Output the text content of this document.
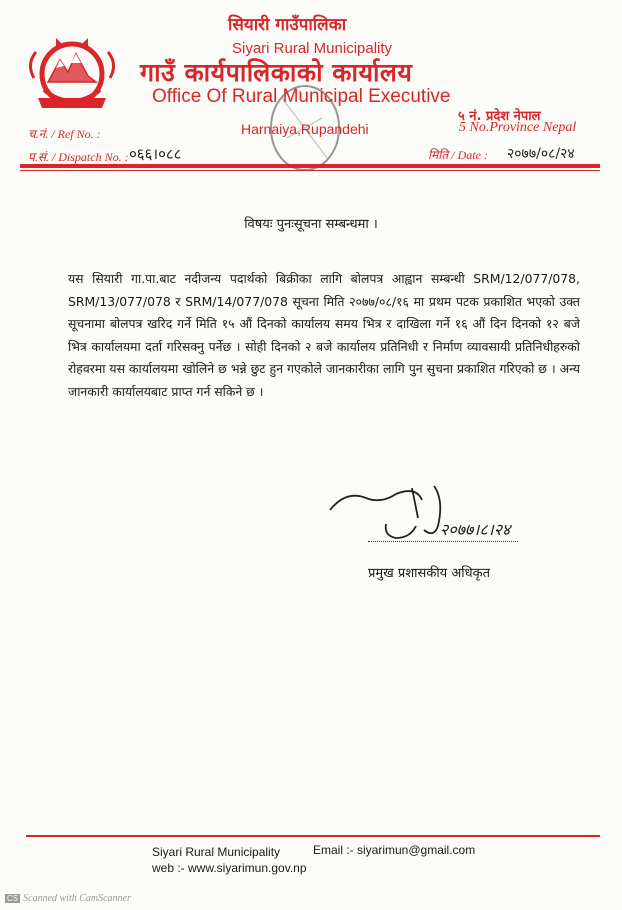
सियारी गाउँपालिका
Siyari Rural Municipality
गाउँ कार्यपालिकाको कार्यालय
Office Of Rural Municipal Executive
५ नं. प्रदेश नेपाल
5 No.Province Nepal
Harnaiya,Rupandehi
च.नं. / Ref No. :
प.सं. / Dispatch No. : ०६६।०८८	मिति / Date : २०७७/०८/२४
विषयः पुनःसूचना सम्बन्धमा ।
यस सियारी गा.पा.बाट नदीजन्य पदार्थको बिक्रीका लागि बोलपत्र आह्वान सम्बन्धी SRM/12/077/078, SRM/13/077/078 र SRM/14/077/078 सूचना मिति २०७७/०८/१६ मा प्रथम पटक प्रकाशित भएको उक्त सूचनामा बोलपत्र खरिद गर्ने मिति १५ औं दिनको कार्यालय समय भित्र र दाखिला गर्ने १६ औं दिन दिनको १२ बजे भित्र कार्यालयमा दर्ता गरिसक्नु पर्नेछ । सोही दिनको २ बजे कार्यालय प्रतिनिधी र निर्माण व्यावसायी प्रतिनिधीहरुको रोहवरमा यस कार्यालयमा खोलिने छ भन्ने छुट हुन गएकोले जानकारीका लागि पुन सुचना प्रकाशित गरिएको छ । अन्य जानकारी कार्यालयबाट प्राप्त गर्न सकिने छ ।
२०७७।८।२४
प्रमुख प्रशासकीय अधिकृत
Siyari Rural Municipality	Email :- siyarimun@gmail.com
web :- www.siyarimun.gov.np
CS Scanned with CamScanner
